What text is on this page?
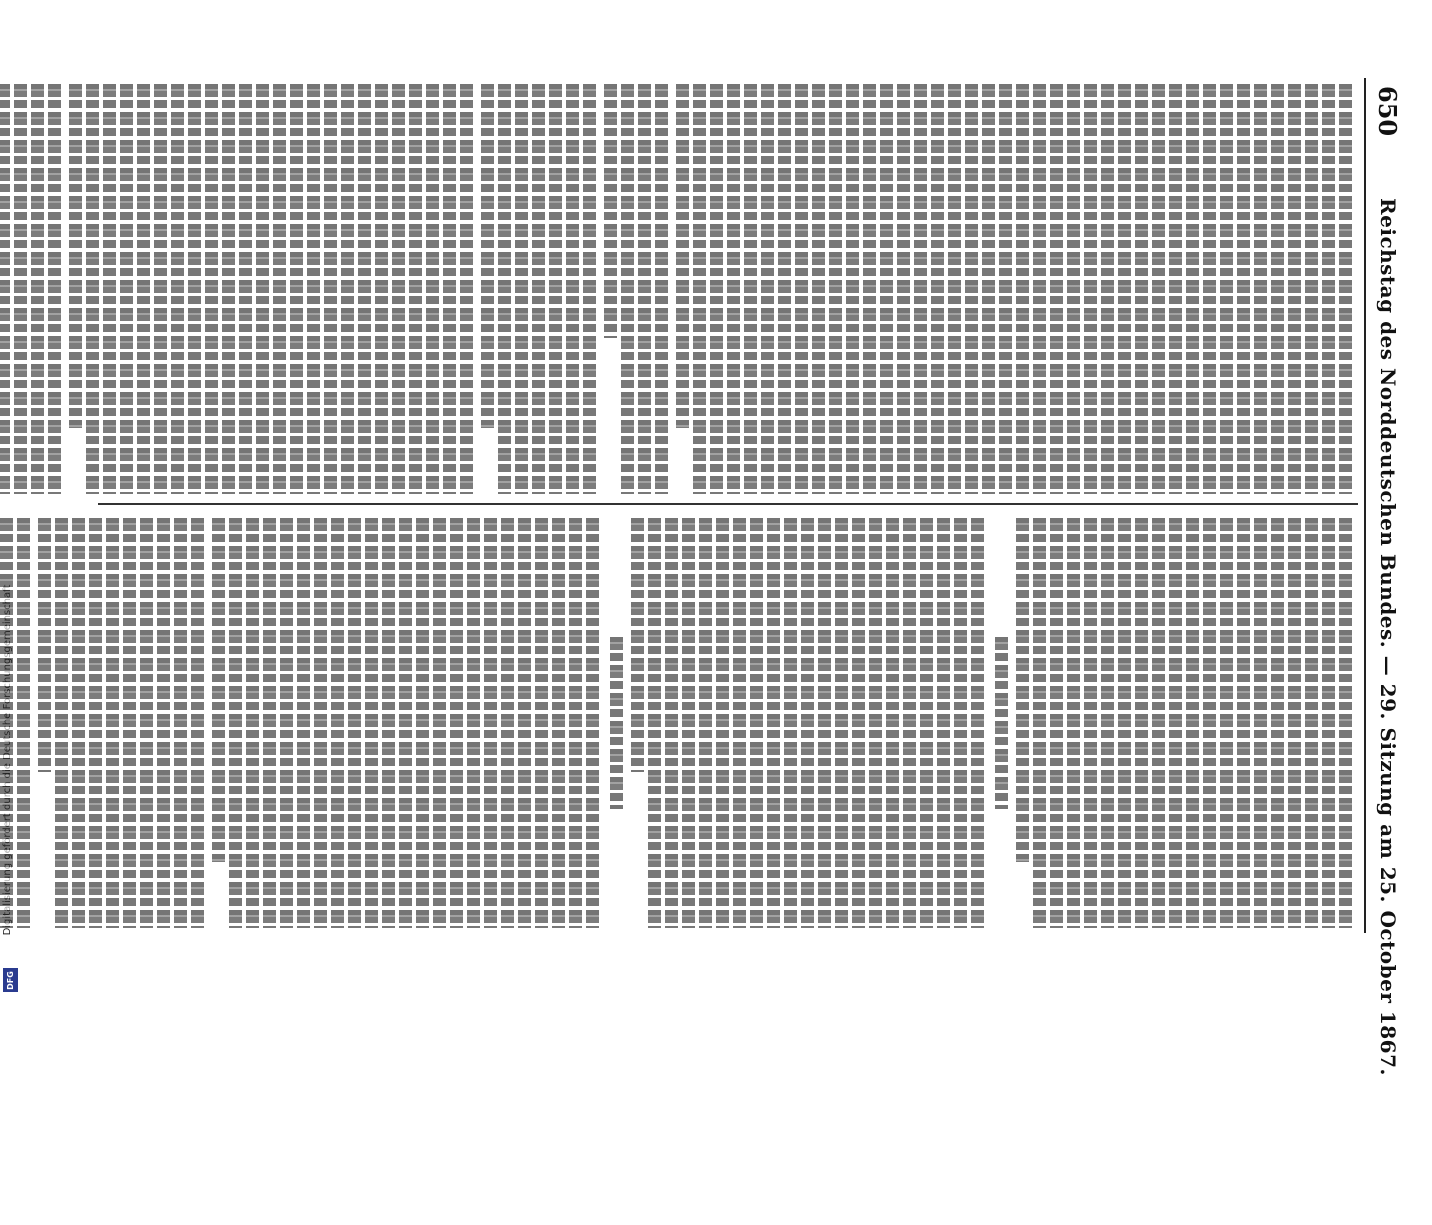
DFG
650
Reichstag des Norddeutschen Bundes. — 29. Sitzung am 25. October 1867.
